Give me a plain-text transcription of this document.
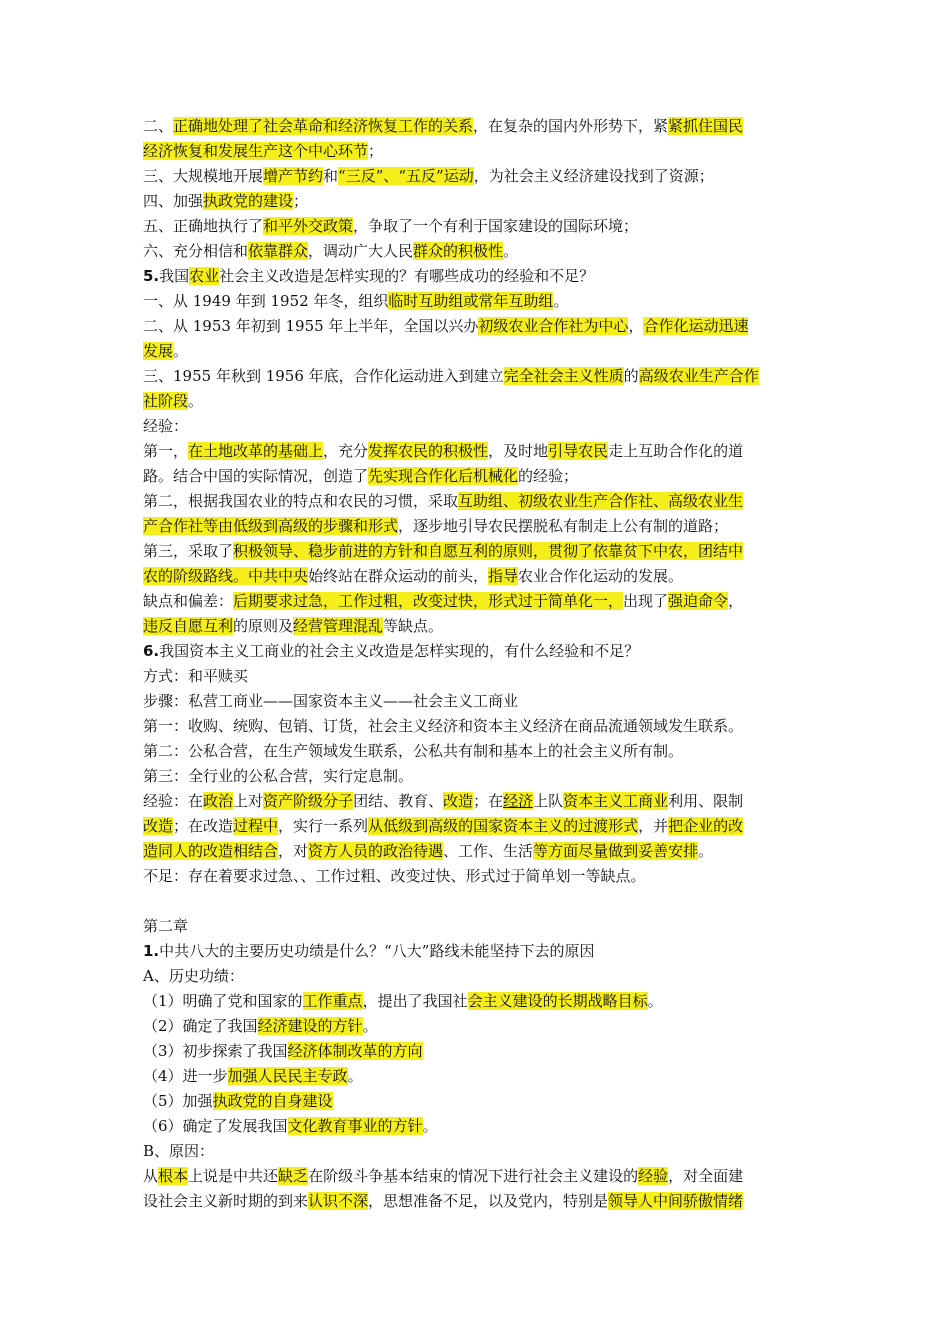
二、正确地处理了社会革命和经济恢复工作的关系，在复杂的国内外形势下，紧紧抓住国民
经济恢复和发展生产这个中心环节；
三、大规模地开展增产节约和“三反”、“五反”运动，为社会主义经济建设找到了资源；
四、加强执政党的建设；
五、正确地执行了和平外交政策，争取了一个有利于国家建设的国际环境；
六、充分相信和依靠群众，调动广大人民群众的积极性。
5.我国农业社会主义改造是怎样实现的？有哪些成功的经验和不足？
一、从 1949 年到 1952 年冬，组织临时互助组或常年互助组。
二、从 1953 年初到 1955 年上半年，全国以兴办初级农业合作社为中心，合作化运动迅速
发展。
三、1955 年秋到 1956 年底，合作化运动进入到建立完全社会主义性质的高级农业生产合作
社阶段。
经验：
第一，在土地改革的基础上，充分发挥农民的积极性，及时地引导农民走上互助合作化的道
路。结合中国的实际情况，创造了先实现合作化后机械化的经验；
第二，根据我国农业的特点和农民的习惯，采取互助组、初级农业生产合作社、高级农业生
产合作社等由低级到高级的步骤和形式，逐步地引导农民摆脱私有制走上公有制的道路；
第三，采取了积极领导、稳步前进的方针和自愿互利的原则，贯彻了依靠贫下中农，团结中
农的阶级路线。中共中央始终站在群众运动的前头，指导农业合作化运动的发展。
缺点和偏差：后期要求过急，工作过粗，改变过快，形式过于简单化一，出现了强迫命令，
违反自愿互利的原则及经营管理混乱等缺点。
6.我国资本主义工商业的社会主义改造是怎样实现的，有什么经验和不足？
方式：和平赎买
步骤：私营工商业——国家资本主义——社会主义工商业
第一：收购、统购、包销、订货，社会主义经济和资本主义经济在商品流通领域发生联系。
第二：公私合营，在生产领域发生联系，公私共有制和基本上的社会主义所有制。
第三：全行业的公私合营，实行定息制。
经验：在政治上对资产阶级分子团结、教育、改造；在经济上队资本主义工商业利用、限制
改造；在改造过程中，实行一系列从低级到高级的国家资本主义的过渡形式，并把企业的改
造同人的改造相结合，对资方人员的政治待遇、工作、生活等方面尽量做到妥善安排。
不足：存在着要求过急、、工作过粗、改变过快、形式过于简单划一等缺点。
第二章
1.中共八大的主要历史功绩是什么？“八大”路线未能坚持下去的原因
A、历史功绩：
（1）明确了党和国家的工作重点，提出了我国社会主义建设的长期战略目标。
（2）确定了我国经济建设的方针。
（3）初步探索了我国经济体制改革的方向
（4）进一步加强人民民主专政。
（5）加强执政党的自身建设
（6）确定了发展我国文化教育事业的方针。
B、原因：
从根本上说是中共还缺乏在阶级斗争基本结束的情况下进行社会主义建设的经验，对全面建
设社会主义新时期的到来认识不深，思想准备不足，以及党内，特别是领导人中间骄傲情绪
